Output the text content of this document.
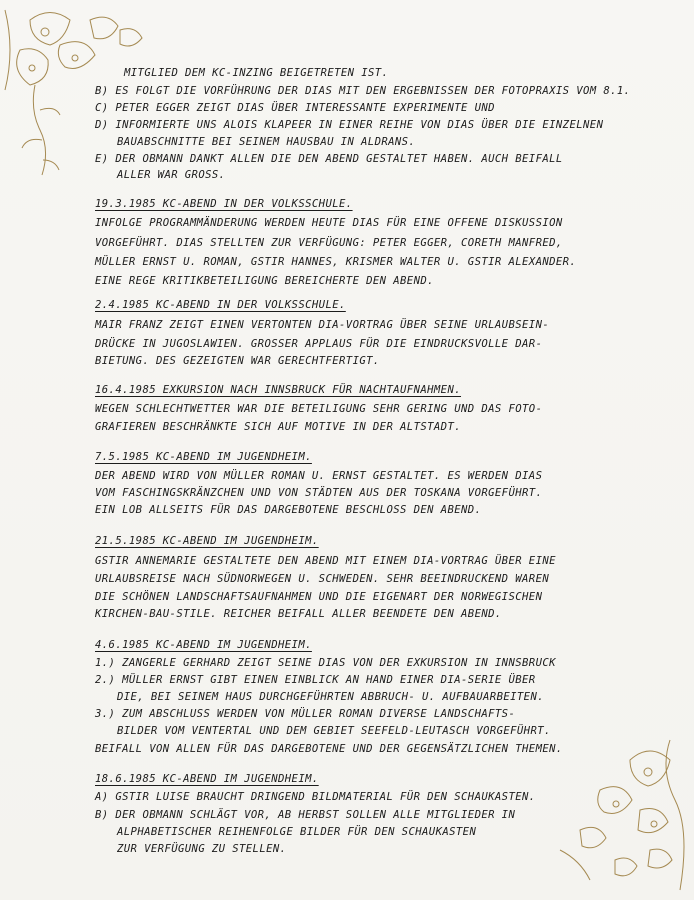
MITGLIED DEM KC-INZING BEIGETRETEN IST.
B) ES FOLGT DIE VORFÜHRUNG DER DIAS MIT DEN ERGEBNISSEN DER FOTOPRAXIS VOM 8.1.
C) PETER EGGER ZEIGT DIAS ÜBER INTERESSANTE EXPERIMENTE UND
D) INFORMIERTE UNS ALOIS KLAPEER IN EINER REIHE VON DIAS ÜBER DIE EINZELNEN
BAUABSCHNITTE BEI SEINEM HAUSBAU IN ALDRANS.
E) DER OBMANN DANKT ALLEN DIE DEN ABEND GESTALTET HABEN. AUCH BEIFALL
ALLER WAR GROSS.
19.3.1985 KC-ABEND IN DER VOLKSSCHULE.
INFOLGE PROGRAMMÄNDERUNG WERDEN HEUTE DIAS FÜR EINE OFFENE DISKUSSION
VORGEFÜHRT. DIAS STELLTEN ZUR VERFÜGUNG: PETER EGGER, CORETH MANFRED,
MÜLLER ERNST U. ROMAN, GSTIR HANNES, KRISMER WALTER U. GSTIR ALEXANDER.
EINE REGE KRITIKBETEILIGUNG BEREICHERTE DEN ABEND.
2.4.1985 KC-ABEND IN DER VOLKSSCHULE.
MAIR FRANZ ZEIGT EINEN VERTONTEN DIA-VORTRAG ÜBER SEINE URLAUBSEIN-
DRÜCKE IN JUGOSLAWIEN. GROSSER APPLAUS FÜR DIE EINDRUCKSVOLLE DAR-
BIETUNG. DES GEZEIGTEN WAR GERECHTFERTIGT.
16.4.1985 EXKURSION NACH INNSBRUCK FÜR NACHTAUFNAHMEN.
WEGEN SCHLECHTWETTER WAR DIE BETEILIGUNG SEHR GERING UND DAS FOTO-
GRAFIEREN BESCHRÄNKTE SICH AUF MOTIVE IN DER ALTSTADT.
7.5.1985 KC-ABEND IM JUGENDHEIM.
DER ABEND WIRD VON MÜLLER ROMAN U. ERNST GESTALTET. ES WERDEN DIAS
VOM FASCHINGSKRÄNZCHEN UND VON STÄDTEN AUS DER TOSKANA VORGEFÜHRT.
EIN LOB ALLSEITS FÜR DAS DARGEBOTENE BESCHLOSS DEN ABEND.
21.5.1985 KC-ABEND IM JUGENDHEIM.
GSTIR ANNEMARIE GESTALTETE DEN ABEND MIT EINEM DIA-VORTRAG ÜBER EINE
URLAUBSREISE NACH SÜDNORWEGEN U. SCHWEDEN. SEHR BEEINDRUCKEND WAREN
DIE SCHÖNEN LANDSCHAFTSAUFNAHMEN UND DIE EIGENART DER NORWEGISCHEN
KIRCHEN-BAU-STILE. REICHER BEIFALL ALLER BEENDETE DEN ABEND.
4.6.1985 KC-ABEND IM JUGENDHEIM.
1.) ZANGERLE GERHARD ZEIGT SEINE DIAS VON DER EXKURSION IN INNSBRUCK
2.) MÜLLER ERNST GIBT EINEN EINBLICK AN HAND EINER DIA-SERIE ÜBER
DIE, BEI SEINEM HAUS DURCHGEFÜHRTEN ABBRUCH- U. AUFBAUARBEITEN.
3.) ZUM ABSCHLUSS WERDEN VON MÜLLER ROMAN DIVERSE LANDSCHAFTS-
BILDER VOM VENTERTAL UND DEM GEBIET SEEFELD-LEUTASCH VORGEFÜHRT.
BEIFALL VON ALLEN FÜR DAS DARGEBOTENE UND DER GEGENSÄTZLICHEN THEMEN.
18.6.1985 KC-ABEND IM JUGENDHEIM.
A) GSTIR LUISE BRAUCHT DRINGEND BILDMATERIAL FÜR DEN SCHAUKASTEN.
B) DER OBMANN SCHLÄGT VOR, AB HERBST SOLLEN ALLE MITGLIEDER IN
ALPHABETISCHER REIHENFOLGE BILDER FÜR DEN SCHAUKASTEN
ZUR VERFÜGUNG ZU STELLEN.
